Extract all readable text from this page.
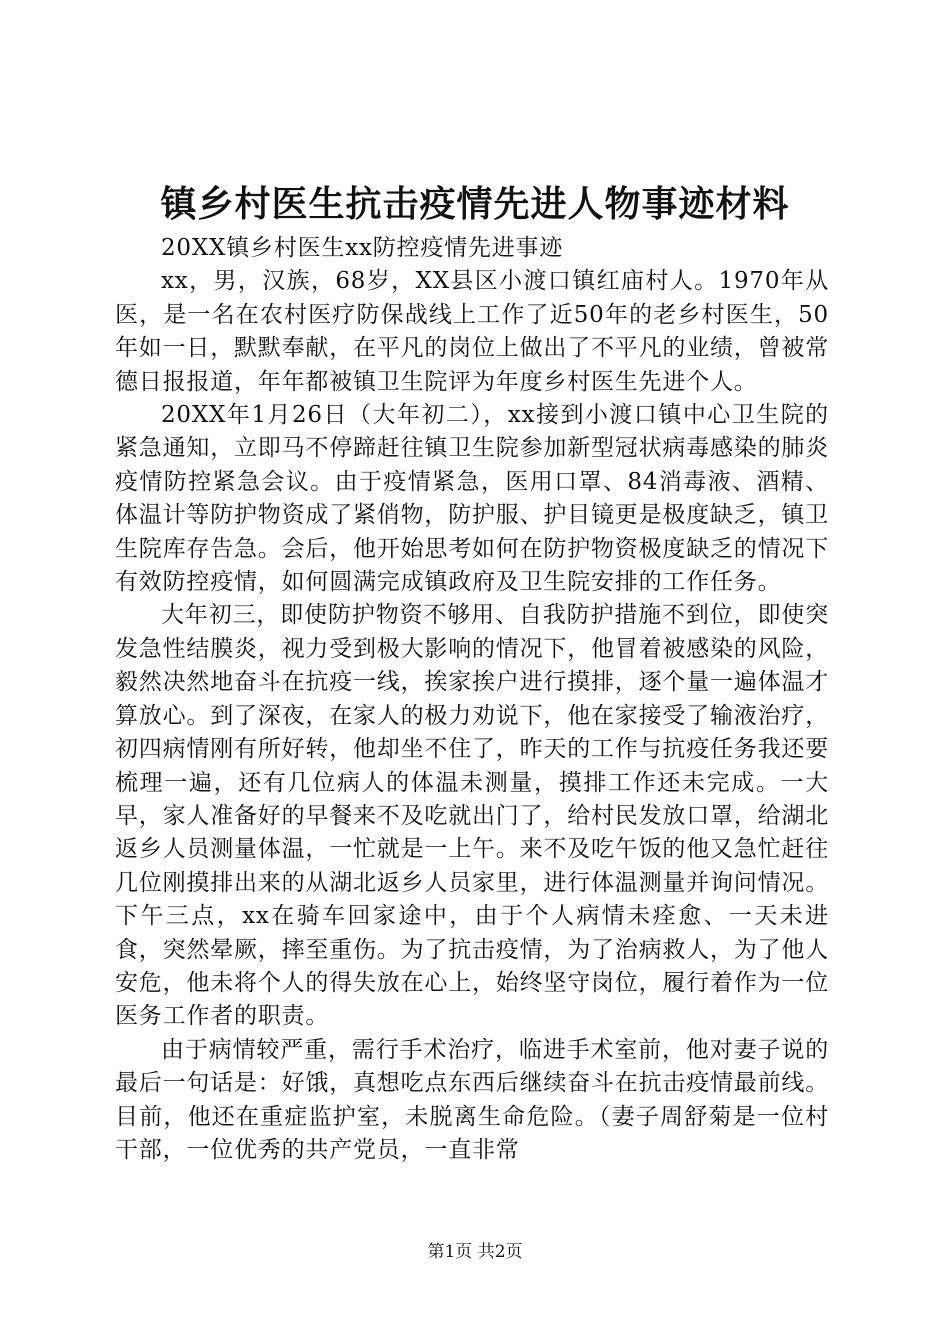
镇乡村医生抗击疫情先进人物事迹材料

20XX镇乡村医生xx防控疫情先进事迹

xx，男，汉族，68岁，XX县区小渡口镇红庙村人。1970年从医，是一名在农村医疗防保战线上工作了近50年的老乡村医生，50年如一日，默默奉献，在平凡的岗位上做出了不平凡的业绩，曾被常德日报报道，年年都被镇卫生院评为年度乡村医生先进个人。

20XX年1月26日（大年初二），xx接到小渡口镇中心卫生院的紧急通知，立即马不停蹄赶往镇卫生院参加新型冠状病毒感染的肺炎疫情防控紧急会议。由于疫情紧急，医用口罩、84消毒液、酒精、体温计等防护物资成了紧俏物，防护服、护目镜更是极度缺乏，镇卫生院库存告急。会后，他开始思考如何在防护物资极度缺乏的情况下有效防控疫情，如何圆满完成镇政府及卫生院安排的工作任务。

大年初三，即使防护物资不够用、自我防护措施不到位，即使突发急性结膜炎，视力受到极大影响的情况下，他冒着被感染的风险，毅然决然地奋斗在抗疫一线，挨家挨户进行摸排，逐个量一遍体温才算放心。到了深夜，在家人的极力劝说下，他在家接受了输液治疗，初四病情刚有所好转，他却坐不住了，昨天的工作与抗疫任务我还要梳理一遍，还有几位病人的体温未测量，摸排工作还未完成。一大早，家人准备好的早餐来不及吃就出门了，给村民发放口罩，给湖北返乡人员测量体温，一忙就是一上午。来不及吃午饭的他又急忙赶往几位刚摸排出来的从湖北返乡人员家里，进行体温测量并询问情况。下午三点，xx在骑车回家途中，由于个人病情未痊愈、一天未进食，突然晕厥，摔至重伤。为了抗击疫情，为了治病救人，为了他人安危，他未将个人的得失放在心上，始终坚守岗位，履行着作为一位医务工作者的职责。

由于病情较严重，需行手术治疗，临进手术室前，他对妻子说的最后一句话是：好饿，真想吃点东西后继续奋斗在抗击疫情最前线。目前，他还在重症监护室，未脱离生命危险。（妻子周舒菊是一位村干部，一位优秀的共产党员，一直非常

第1页 共2页
